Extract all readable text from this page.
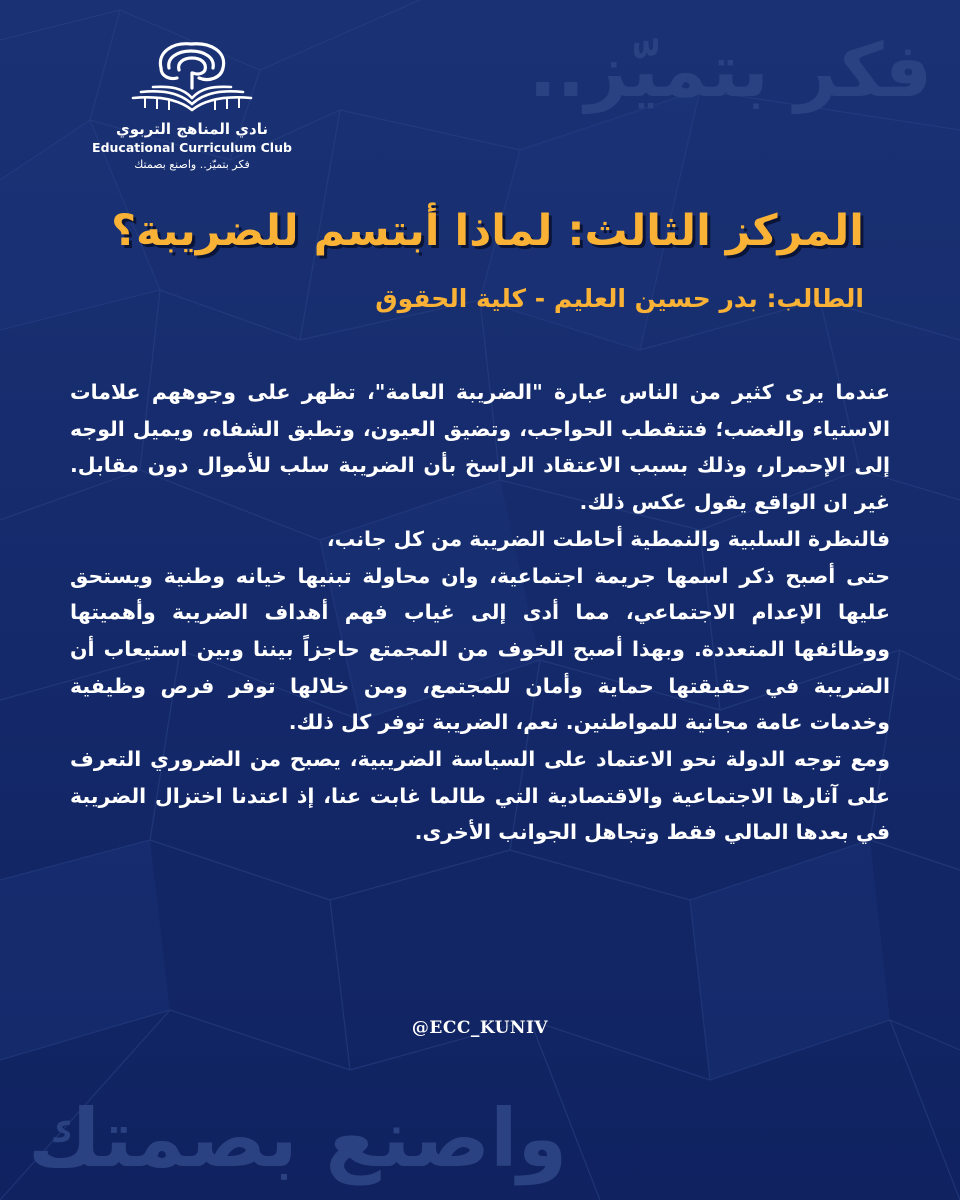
فكر بتميّز..
واصنع بصمتك
نادي المناهج التربوي
Educational Curriculum Club
فكر بتميّز.. واصنع بصمتك
المركز الثالث: لماذا أبتسم للضريبة؟
الطالب: بدر حسين العليم - كلية الحقوق

عندما يرى كثير من الناس عبارة "الضريبة العامة"، تظهر على وجوههم علامات الاستياء والغضب؛ فتتقطب الحواجب، وتضيق العيون، وتطبق الشفاه، ويميل الوجه إلى الإحمرار، وذلك بسبب الاعتقاد الراسخ بأن الضريبة سلب للأموال دون مقابل. غير ان الواقع يقول عكس ذلك.

فالنظرة السلبية والنمطية أحاطت الضريبة من كل جانب،

حتى أصبح ذكر اسمها جريمة اجتماعية، وان محاولة تبنيها خيانه وطنية ويستحق عليها الإعدام الاجتماعي، مما أدى إلى غياب فهم أهداف الضريبة وأهميتها ووظائفها المتعددة. وبهذا أصبح الخوف من المجمتع حاجزاً بيننا وبين استيعاب أن الضريبة في حقيقتها حماية وأمان للمجتمع، ومن خلالها توفر فرص وظيفية وخدمات عامة مجانية للمواطنين. نعم، الضريبة توفر كل ذلك.

ومع توجه الدولة نحو الاعتماد على السياسة الضريبية، يصبح من الضروري التعرف على آثارها الاجتماعية والاقتصادية التي طالما غابت عنا، إذ اعتدنا اختزال الضريبة في بعدها المالي فقط وتجاهل الجوانب الأخرى.

@ECC_KUNIV
